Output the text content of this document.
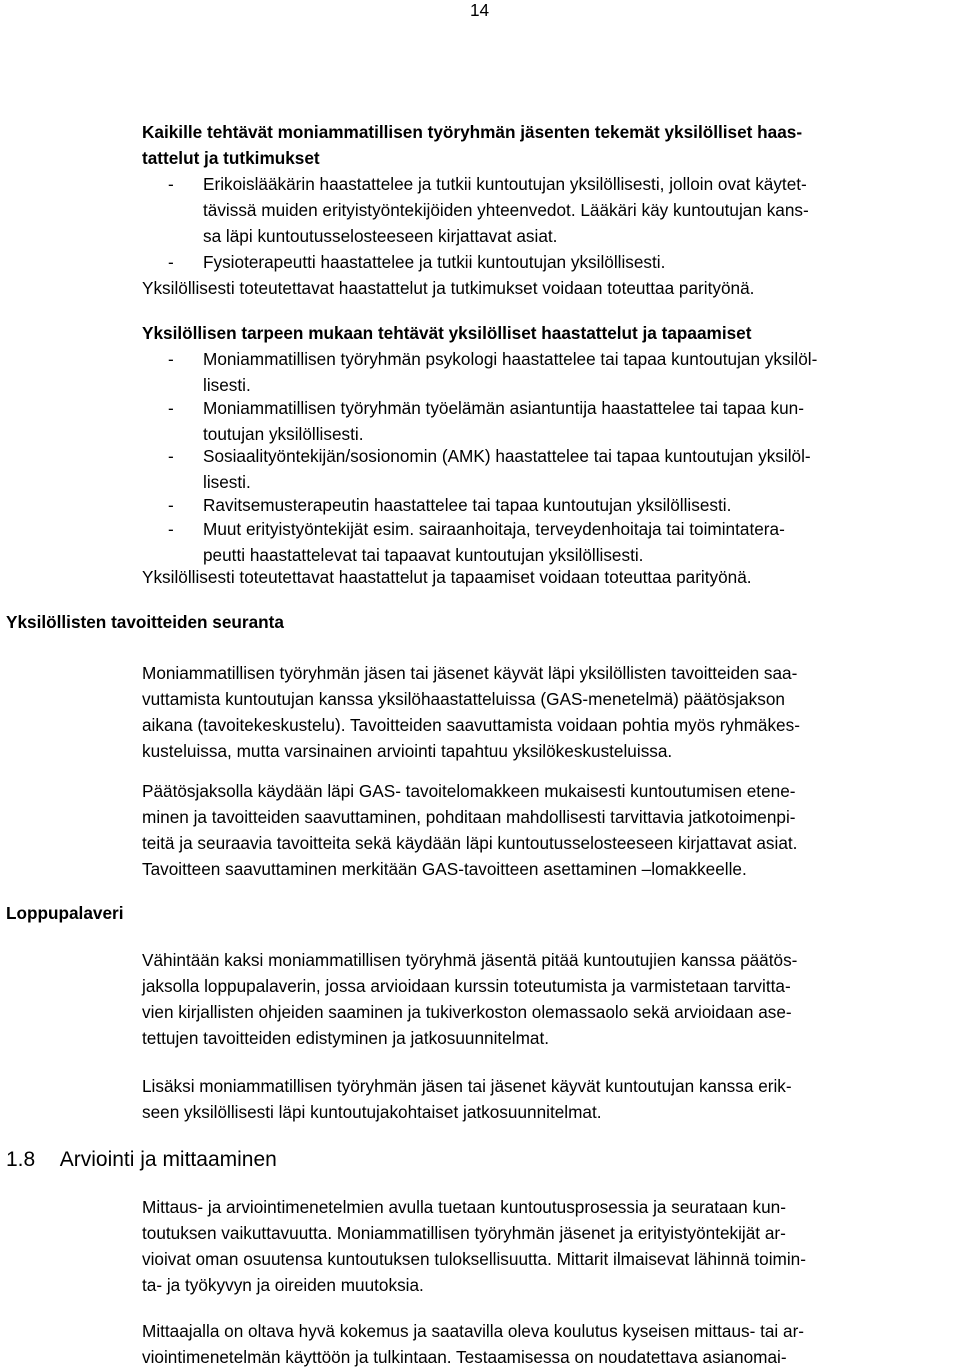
14
Kaikille tehtävät moniammatillisen työryhmän jäsenten tekemät yksilölliset haas-
tattelut ja tutkimukset
- Erikoislääkärin haastattelee ja tutkii kuntoutujan yksilöllisesti, jolloin ovat käytet-
tävissä muiden erityistyöntekijöiden yhteenvedot. Lääkäri käy kuntoutujan kans-
sa läpi kuntoutusselosteeseen kirjattavat asiat.
- Fysioterapeutti haastattelee ja tutkii kuntoutujan yksilöllisesti.
Yksilöllisesti toteutettavat haastattelut ja tutkimukset voidaan toteuttaa parityönä.
Yksilöllisen tarpeen mukaan tehtävät yksilölliset haastattelut ja tapaamiset
- Moniammatillisen työryhmän psykologi haastattelee tai tapaa kuntoutujan yksilöl-
lisesti.
- Moniammatillisen työryhmän työelämän asiantuntija haastattelee tai tapaa kun-
toutujan yksilöllisesti.
- Sosiaalityöntekijän/sosionomin (AMK) haastattelee tai tapaa kuntoutujan yksilöl-
lisesti.
- Ravitsemusterapeutin haastattelee tai tapaa kuntoutujan yksilöllisesti.
- Muut erityistyöntekijät esim. sairaanhoitaja, terveydenhoitaja tai toimintatera-
peutti haastattelevat tai tapaavat kuntoutujan yksilöllisesti.
Yksilöllisesti toteutettavat haastattelut ja tapaamiset voidaan toteuttaa parityönä.
Yksilöllisten tavoitteiden seuranta
Moniammatillisen työryhmän jäsen tai jäsenet käyvät läpi yksilöllisten tavoitteiden saa-
vuttamista kuntoutujan kanssa yksilöhaastatteluissa (GAS-menetelmä) päätösjakson
aikana (tavoitekeskustelu). Tavoitteiden saavuttamista voidaan pohtia myös ryhmäkes-
kusteluissa, mutta varsinainen arviointi tapahtuu yksilökeskusteluissa.
Päätösjaksolla käydään läpi GAS- tavoitelomakkeen mukaisesti kuntoutumisen etene-
minen ja tavoitteiden saavuttaminen, pohditaan mahdollisesti tarvittavia jatkotoimenpi-
teitä ja seuraavia tavoitteita sekä käydään läpi kuntoutusselosteeseen kirjattavat asiat.
Tavoitteen saavuttaminen merkitään GAS-tavoitteen asettaminen –lomakkeelle.
Loppupalaveri
Vähintään kaksi moniammatillisen työryhmä jäsentä pitää kuntoutujien kanssa päätös-
jaksolla loppupalaverin, jossa arvioidaan kurssin toteutumista ja varmistetaan tarvitta-
vien kirjallisten ohjeiden saaminen ja tukiverkoston olemassaolo sekä arvioidaan ase-
tettujen tavoitteiden edistyminen ja jatkosuunnitelmat.
Lisäksi moniammatillisen työryhmän jäsen tai jäsenet käyvät kuntoutujan kanssa erik-
seen yksilöllisesti läpi kuntoutujakohtaiset jatkosuunnitelmat.
1.8 Arviointi ja mittaaminen
Mittaus- ja arviointimenetelmien avulla tuetaan kuntoutusprosessia ja seurataan kun-
toutuksen vaikuttavuutta. Moniammatillisen työryhmän jäsenet ja erityistyöntekijät ar-
vioivat oman osuutensa kuntoutuksen tuloksellisuutta. Mittarit ilmaisevat lähinnä toimin-
ta- ja työkyvyn ja oireiden muutoksia.
Mittaajalla on oltava hyvä kokemus ja saatavilla oleva koulutus kyseisen mittaus- tai ar-
viointimenetelmän käyttöön ja tulkintaan. Testaamisessa on noudatettava asianomai-
